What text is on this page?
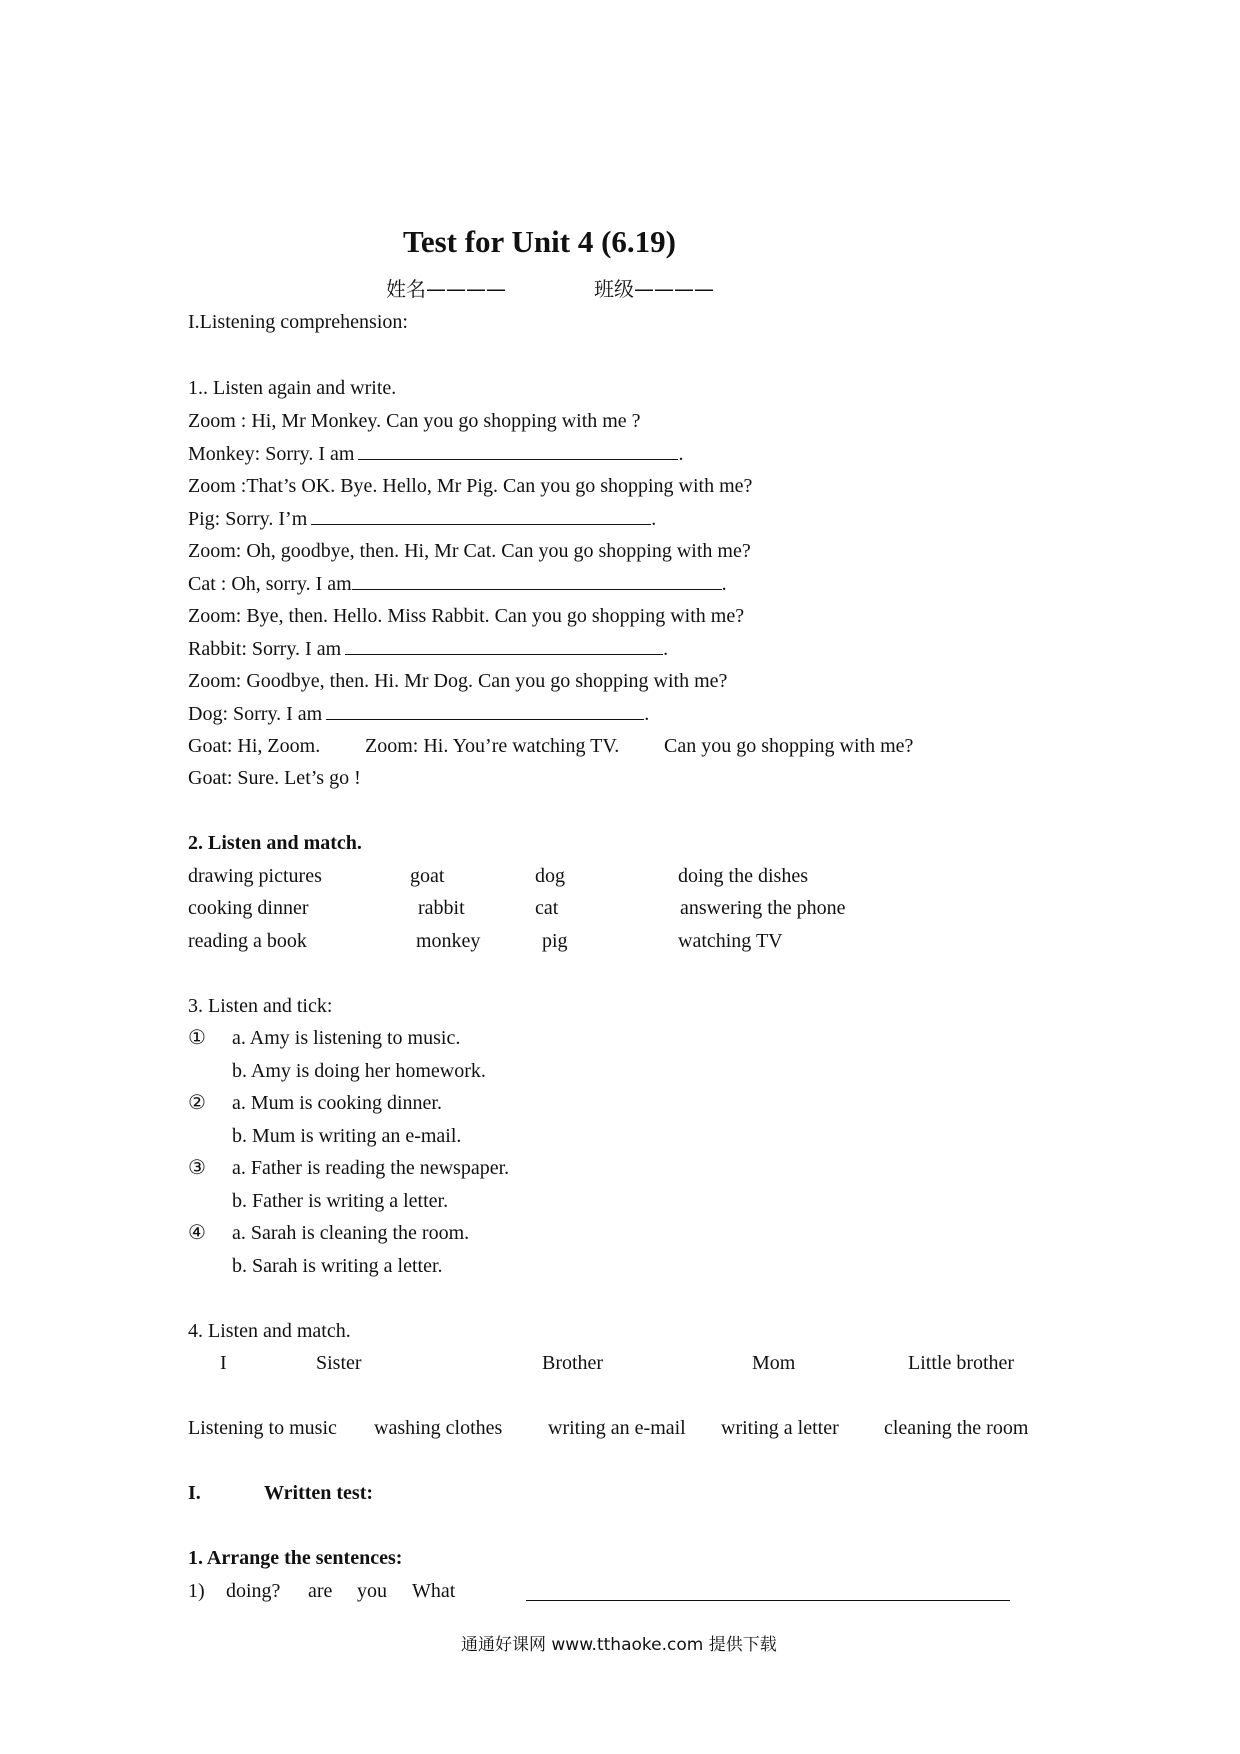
Test for Unit 4 (6.19)
姓名————	班级————
I.Listening comprehension:
1.. Listen again and write.
Zoom : Hi, Mr Monkey. Can you go shopping with me ?
Monkey: Sorry. I am	.
Zoom :That’s OK. Bye. Hello, Mr Pig. Can you go shopping with me?
Pig: Sorry. I’m	.
Zoom: Oh, goodbye, then. Hi, Mr Cat. Can you go shopping with me?
Cat : Oh, sorry. I am	.
Zoom: Bye, then. Hello. Miss Rabbit. Can you go shopping with me?
Rabbit: Sorry. I am	.
Zoom: Goodbye, then. Hi. Mr Dog. Can you go shopping with me?
Dog: Sorry. I am	.
Goat: Hi, Zoom. Zoom: Hi. You’re watching TV. Can you go shopping with me?
Goat: Sure. Let’s go !
2. Listen and match.
drawing pictures	goat	dog	doing the dishes
cooking dinner	rabbit	cat	answering the phone
reading a book	monkey	pig	watching TV
3. Listen and tick:
① a. Amy is listening to music.
b. Amy is doing her homework.
② a. Mum is cooking dinner.
b. Mum is writing an e-mail.
③ a. Father is reading the newspaper.
b. Father is writing a letter.
④ a. Sarah is cleaning the room.
b. Sarah is writing a letter.
4. Listen and match.
I	Sister	Brother	Mom	Little brother
Listening to music washing clothes writing an e-mail writing a letter cleaning the room
I.	Written test:
1. Arrange the sentences:
1) doing? are you What
通通好课网 www.tthaoke.com 提供下载
